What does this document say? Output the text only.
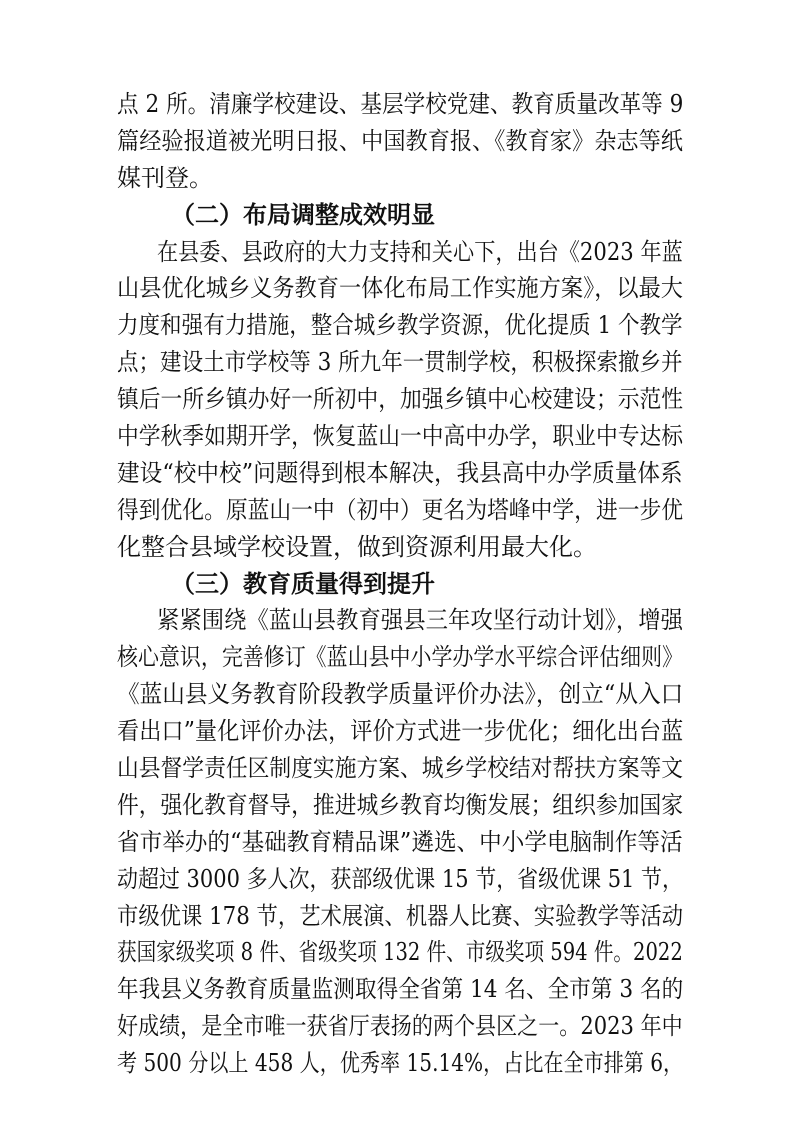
点 2 所。清廉学校建设、基层学校党建、教育质量改革等 9
篇经验报道被光明日报、中国教育报、《教育家》杂志等纸
媒刊登。
（二）布局调整成效明显
在县委、县政府的大力支持和关心下，出台《2023 年蓝
山县优化城乡义务教育一体化布局工作实施方案》，以最大
力度和强有力措施，整合城乡教学资源，优化提质 1 个教学
点；建设土市学校等 3 所九年一贯制学校，积极探索撤乡并
镇后一所乡镇办好一所初中，加强乡镇中心校建设；示范性
中学秋季如期开学，恢复蓝山一中高中办学，职业中专达标
建设“校中校”问题得到根本解决，我县高中办学质量体系
得到优化。原蓝山一中（初中）更名为塔峰中学，进一步优
化整合县域学校设置，做到资源利用最大化。
（三）教育质量得到提升
紧紧围绕《蓝山县教育强县三年攻坚行动计划》，增强
核心意识，完善修订《蓝山县中小学办学水平综合评估细则》
《蓝山县义务教育阶段教学质量评价办法》，创立“从入口
看出口”量化评价办法，评价方式进一步优化；细化出台蓝
山县督学责任区制度实施方案、城乡学校结对帮扶方案等文
件，强化教育督导，推进城乡教育均衡发展；组织参加国家
省市举办的“基础教育精品课”遴选、中小学电脑制作等活
动超过 3000 多人次，获部级优课 15 节，省级优课 51 节，
市级优课 178 节，艺术展演、机器人比赛、实验教学等活动
获国家级奖项 8 件、省级奖项 132 件、市级奖项 594 件。2022
年我县义务教育质量监测取得全省第 14 名、全市第 3 名的
好成绩，是全市唯一获省厅表扬的两个县区之一。2023 年中
考 500 分以上 458 人，优秀率 15.14%，占比在全市排第 6，
